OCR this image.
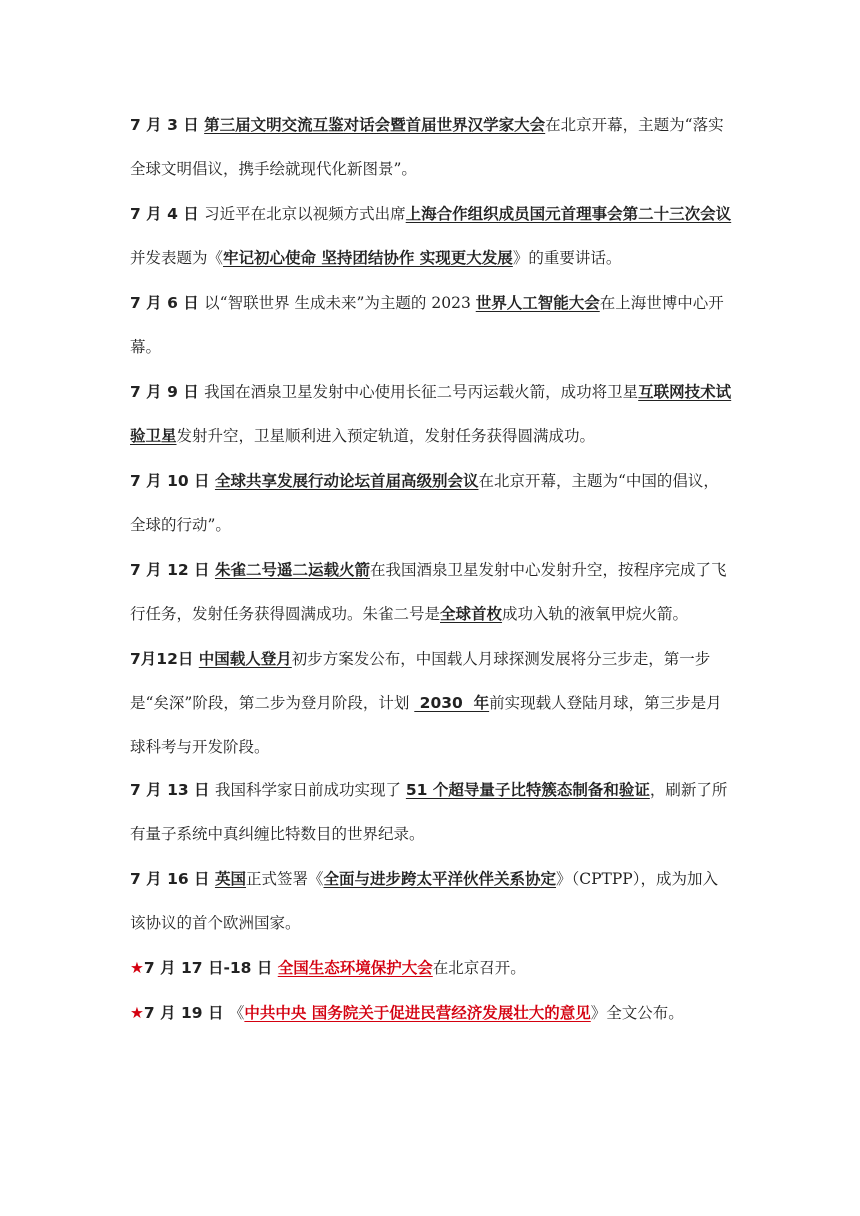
7 月 3 日 第三届文明交流互鉴对话会暨首届世界汉学家大会在北京开幕，主题为“落实
全球文明倡议，携手绘就现代化新图景”。
7 月 4 日 习近平在北京以视频方式出席上海合作组织成员国元首理事会第二十三次会议
并发表题为《牢记初心使命 坚持团结协作 实现更大发展》的重要讲话。
7 月 6 日 以“智联世界 生成未来”为主题的 2023 世界人工智能大会在上海世博中心开
幕。
7 月 9 日 我国在酒泉卫星发射中心使用长征二号丙运载火箭，成功将卫星互联网技术试
验卫星发射升空，卫星顺利进入预定轨道，发射任务获得圆满成功。
7 月 10 日 全球共享发展行动论坛首届高级别会议在北京开幕，主题为“中国的倡议，
全球的行动”。
7 月 12 日 朱雀二号遥二运载火箭在我国酒泉卫星发射中心发射升空，按程序完成了飞
行任务，发射任务获得圆满成功。朱雀二号是全球首枚成功入轨的液氧甲烷火箭。
7月12日 中国载人登月初步方案发公布，中国载人月球探测发展将分三步走，第一步
是“矣深”阶段，第二步为登月阶段，计划  2030  年前实现载人登陆月球，第三步是月
球科考与开发阶段。
7 月 13 日 我国科学家日前成功实现了 51 个超导量子比特簇态制备和验证，刷新了所
有量子系统中真纠缠比特数目的世界纪录。
7 月 16 日 英国正式签署《全面与进步跨太平洋伙伴关系协定》（CPTPP），成为加入
该协议的首个欧洲国家。
★7 月 17 日-18 日 全国生态环境保护大会在北京召开。
★7 月 19 日 《中共中央 国务院关于促进民营经济发展壮大的意见》全文公布。
